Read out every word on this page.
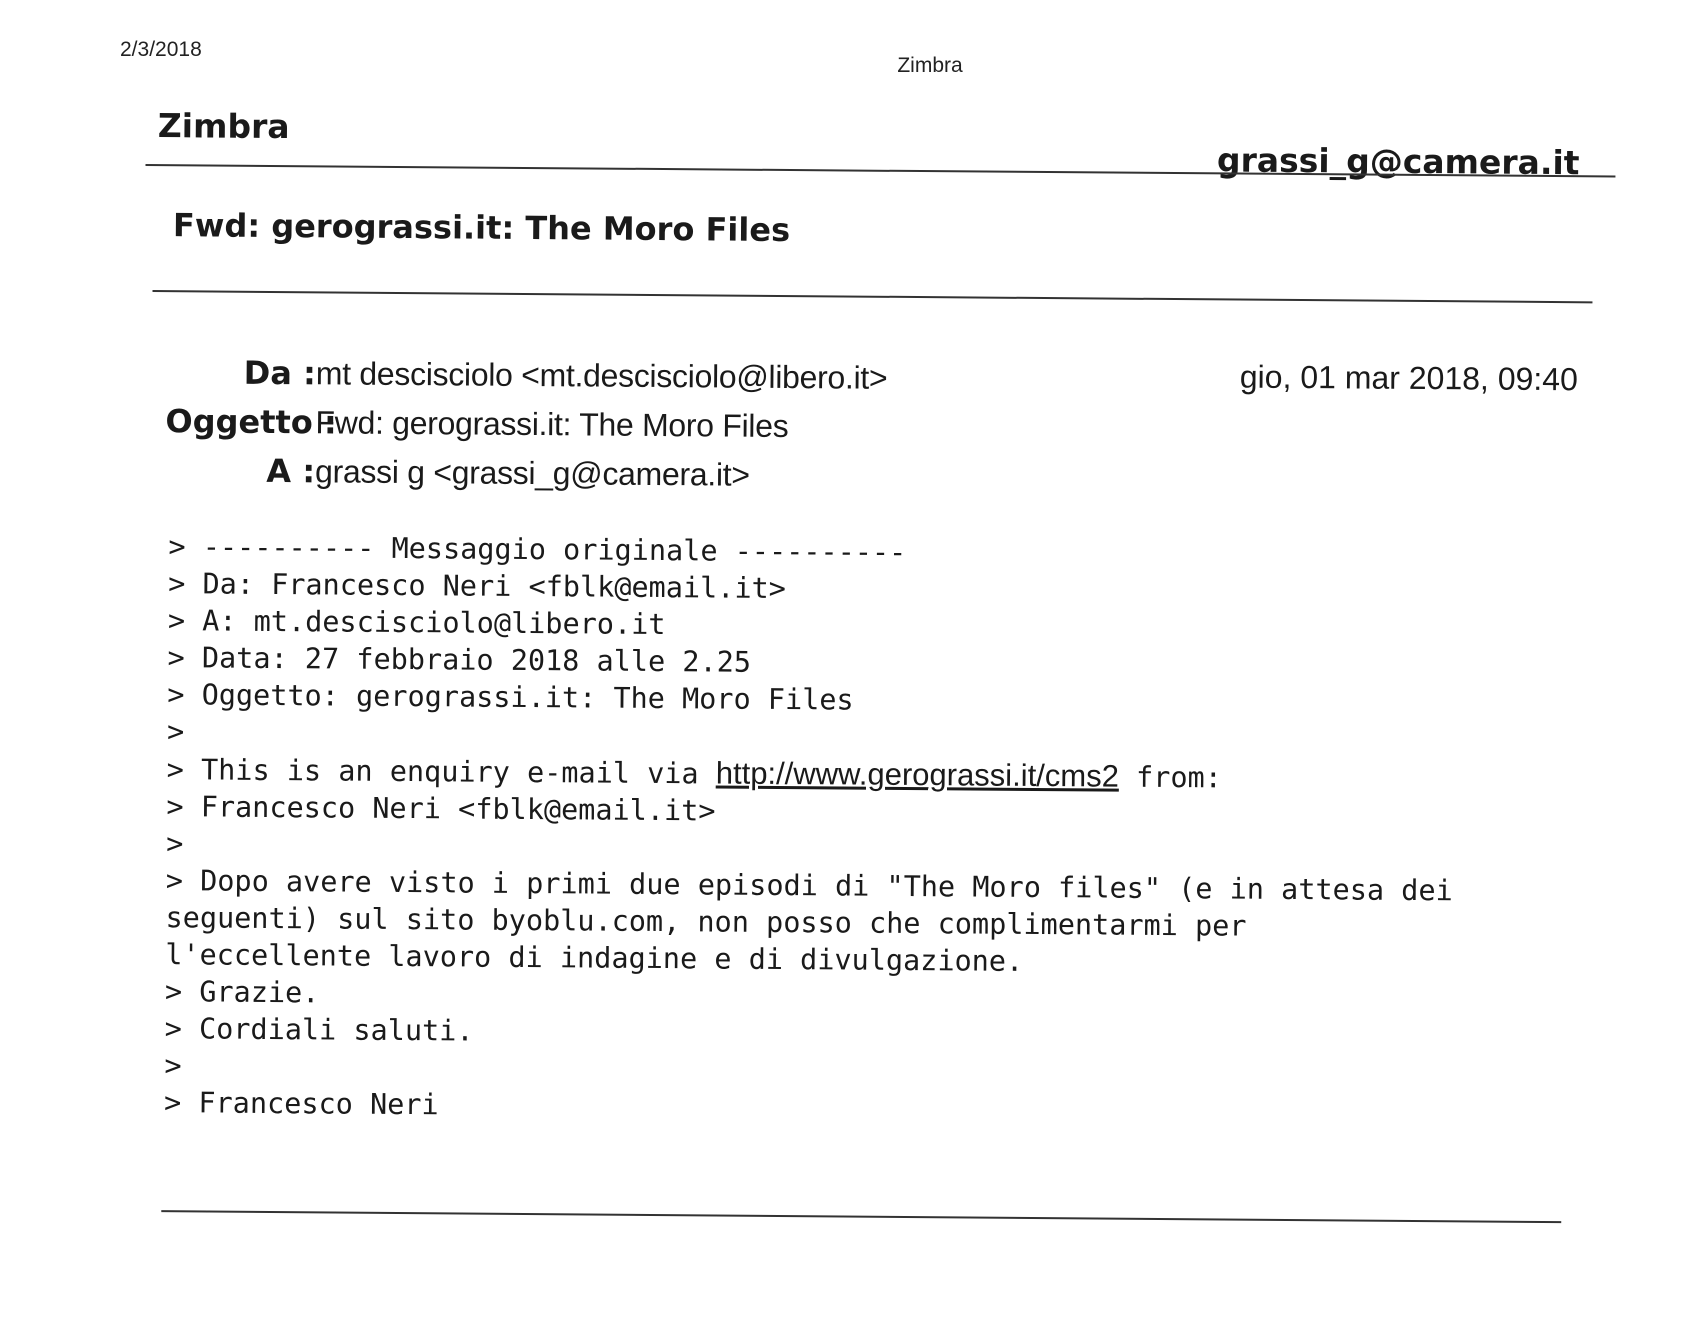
2/3/2018
Zimbra
Zimbra
grassi_g@camera.it
Fwd: gerograssi.it: The Moro Files
Da :mt descisciolo <mt.descisciolo@libero.it>
Oggetto :Fwd: gerograssi.it: The Moro Files
A :grassi g <grassi_g@camera.it>
gio, 01 mar 2018, 09:40
> ---------- Messaggio originale ----------
> Da: Francesco Neri <fblk@email.it>
> A: mt.descisciolo@libero.it
> Data: 27 febbraio 2018 alle 2.25
> Oggetto: gerograssi.it: The Moro Files
>
> This is an enquiry e-mail via http://www.gerograssi.it/cms2 from:
> Francesco Neri <fblk@email.it>
>
> Dopo avere visto i primi due episodi di "The Moro files" (e in attesa dei
seguenti) sul sito byoblu.com, non posso che complimentarmi per
l'eccellente lavoro di indagine e di divulgazione.
> Grazie.
> Cordiali saluti.
>
> Francesco Neri
